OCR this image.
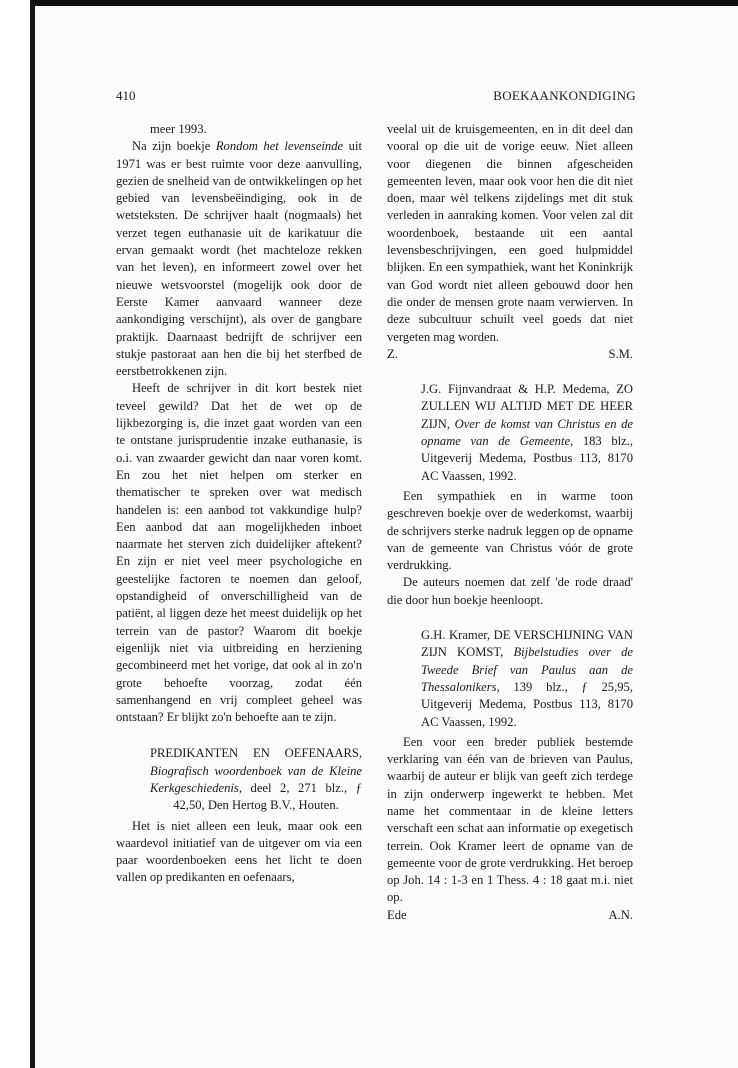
410	BOEKAANKONDIGING

meer 1993.

Na zijn boekje Rondom het levenseinde uit 1971 was er best ruimte voor deze aanvulling, gezien de snelheid van de ontwikkelingen op het gebied van levensbeëindiging, ook in de wetsteksten. De schrijver haalt (nogmaals) het verzet tegen euthanasie uit de karikatuur die ervan gemaakt wordt (het machteloze rekken van het leven), en informeert zowel over het nieuwe wetsvoorstel (mogelijk ook door de Eerste Kamer aanvaard wanneer deze aankondiging verschijnt), als over de gangbare praktijk. Daarnaast bedrijft de schrijver een stukje pastoraat aan hen die bij het sterfbed de eerstbetrokkenen zijn.

Heeft de schrijver in dit kort bestek niet teveel gewild? Dat het de wet op de lijkbezorging is, die inzet gaat worden van een te ontstane jurisprudentie inzake euthanasie, is o.i. van zwaarder gewicht dan naar voren komt. En zou het niet helpen om sterker en thematischer te spreken over wat medisch handelen is: een aanbod tot vakkundige hulp? Een aanbod dat aan mogelijkheden inboet naarmate het sterven zich duidelijker aftekent? En zijn er niet veel meer psychologiche en geestelijke factoren te noemen dan geloof, opstandigheid of onverschilligheid van de patiënt, al liggen deze het meest duidelijk op het terrein van de pastor? Waarom dit boekje eigenlijk niet via uitbreiding en herziening gecombineerd met het vorige, dat ook al in zo'n grote behoefte voorzag, zodat één samenhangend en vrij compleet geheel was ontstaan? Er blijkt zo'n behoefte aan te zijn.

PREDIKANTEN EN OEFENAARS, Biografisch woordenboek van de Kleine Kerkgeschiedenis, deel 2, 271 blz., ƒ 42,50, Den Hertog B.V., Houten.

Het is niet alleen een leuk, maar ook een waardevol initiatief van de uitgever om via een paar woordenboeken eens het licht te doen vallen op predikanten en oefenaars,

veelal uit de kruisgemeenten, en in dit deel dan vooral op die uit de vorige eeuw. Niet alleen voor diegenen die binnen afgescheiden gemeenten leven, maar ook voor hen die dit nìet doen, maar wèl telkens zijdelings met dit stuk verleden in aanraking komen. Voor velen zal dit woordenboek, bestaande uit een aantal levensbeschrijvingen, een goed hulpmiddel blijken. En een sympathiek, want het Koninkrijk van God wordt niet alleen gebouwd door hen die onder de mensen grote naam verwierven. In deze subcultuur schuilt veel goeds dat niet vergeten mag worden.

Z.	S.M.
J.G. Fijnvandraat & H.P. Medema, ZO ZULLEN WIJ ALTIJD MET DE HEER ZIJN, Over de komst van Christus en de opname van de Gemeente, 183 blz., Uitgeverij Medema, Postbus 113, 8170 AC Vaassen, 1992.

Een sympathiek en in warme toon geschreven boekje over de wederkomst, waarbij de schrijvers sterke nadruk leggen op de opname van de gemeente van Christus vóór de grote verdrukking.

De auteurs noemen dat zelf 'de rode draad' die door hun boekje heenloopt.

G.H. Kramer, DE VERSCHIJNING VAN ZIJN KOMST, Bijbelstudies over de Tweede Brief van Paulus aan de Thessalonikers, 139 blz., ƒ 25,95, Uitgeverij Medema, Postbus 113, 8170 AC Vaassen, 1992.

Een voor een breder publiek bestemde verklaring van één van de brieven van Paulus, waarbij de auteur er blijk van geeft zich terdege in zijn onderwerp ingewerkt te hebben. Met name het commentaar in de kleine letters verschaft een schat aan informatie op exegetisch terrein. Ook Kramer leert de opname van de gemeente voor de grote verdrukking. Het beroep op Joh. 14 : 1-3 en 1 Thess. 4 : 18 gaat m.i. niet op.

Ede	A.N.
